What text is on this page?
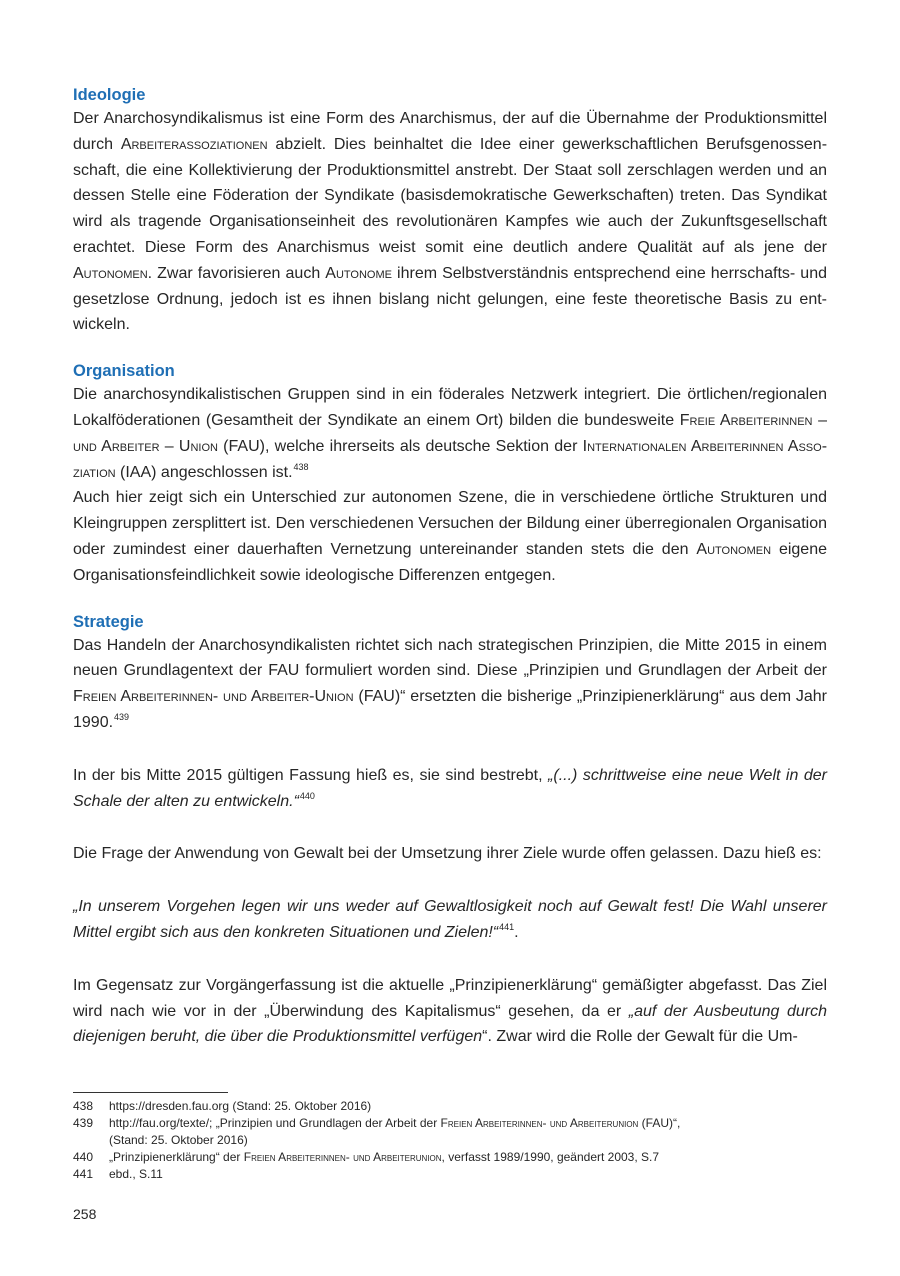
Ideologie

Der Anarchosyndikalismus ist eine Form des Anarchismus, der auf die Übernahme der Produktionsmittel durch Arbeiterassoziationen abzielt. Dies beinhaltet die Idee einer gewerkschaftlichen Berufsgenossenschaft, die eine Kollektivierung der Produktionsmittel anstrebt. Der Staat soll zerschlagen werden und an dessen Stelle eine Föderation der Syndikate (basisdemokratische Gewerkschaften) treten. Das Syndikat wird als tragende Organisationseinheit des revolutionären Kampfes wie auch der Zukunftsgesellschaft erachtet. Diese Form des Anarchismus weist somit eine deutlich andere Qualität auf als jene der Autonomen. Zwar favorisieren auch Autonome ihrem Selbstverständnis entsprechend eine herrschafts- und gesetzlose Ordnung, jedoch ist es ihnen bislang nicht gelungen, eine feste theoretische Basis zu entwickeln.

Organisation

Die anarchosyndikalistischen Gruppen sind in ein föderales Netzwerk integriert. Die örtlichen/regionalen Lokalföderationen (Gesamtheit der Syndikate an einem Ort) bilden die bundesweite Freie Arbeiterinnen – und Arbeiter – Union (FAU), welche ihrerseits als deutsche Sektion der Internationalen Arbeiterinnen Assoziation (IAA) angeschlossen ist.$^{438}$

Auch hier zeigt sich ein Unterschied zur autonomen Szene, die in verschiedene örtliche Strukturen und Kleingruppen zersplittert ist. Den verschiedenen Versuchen der Bildung einer überregionalen Organisation oder zumindest einer dauerhaften Vernetzung untereinander standen stets die den Autonomen eigene Organisationsfeindlichkeit sowie ideologische Differenzen entgegen.

Strategie

Das Handeln der Anarchosyndikalisten richtet sich nach strategischen Prinzipien, die Mitte 2015 in einem neuen Grundlagentext der FAU formuliert worden sind. Diese „Prinzipien und Grundlagen der Arbeit der Freien Arbeiterinnen- und Arbeiter-Union (FAU)“ ersetzten die bisherige „Prinzipienerklärung“ aus dem Jahr 1990.$^{439}$

In der bis Mitte 2015 gültigen Fassung hieß es, sie sind bestrebt, „(...) schrittweise eine neue Welt in der Schale der alten zu entwickeln.“$^{440}$

Die Frage der Anwendung von Gewalt bei der Umsetzung ihrer Ziele wurde offen gelassen. Dazu hieß es:

„In unserem Vorgehen legen wir uns weder auf Gewaltlosigkeit noch auf Gewalt fest! Die Wahl unserer Mittel ergibt sich aus den konkreten Situationen und Zielen!“$^{441}$.

Im Gegensatz zur Vorgängerfassung ist die aktuelle „Prinzipienerklärung“ gemäßigter abgefasst. Das Ziel wird nach wie vor in der „Überwindung des Kapitalismus“ gesehen, da er „auf der Ausbeutung durch diejenigen beruht, die über die Produktionsmittel verfügen“. Zwar wird die Rolle der Gewalt für die Um-

438	https://dresden.fau.org (Stand: 25. Oktober 2016)
439	http://fau.org/texte/; „Prinzipien und Grundlagen der Arbeit der Freien Arbeiterinnen- und Arbeiterunion (FAU)“,
(Stand: 25. Oktober 2016)
440	„Prinzipienerklärung“ der Freien Arbeiterinnen- und Arbeiterunion, verfasst 1989/1990, geändert 2003, S.7
441	ebd., S.11
258
